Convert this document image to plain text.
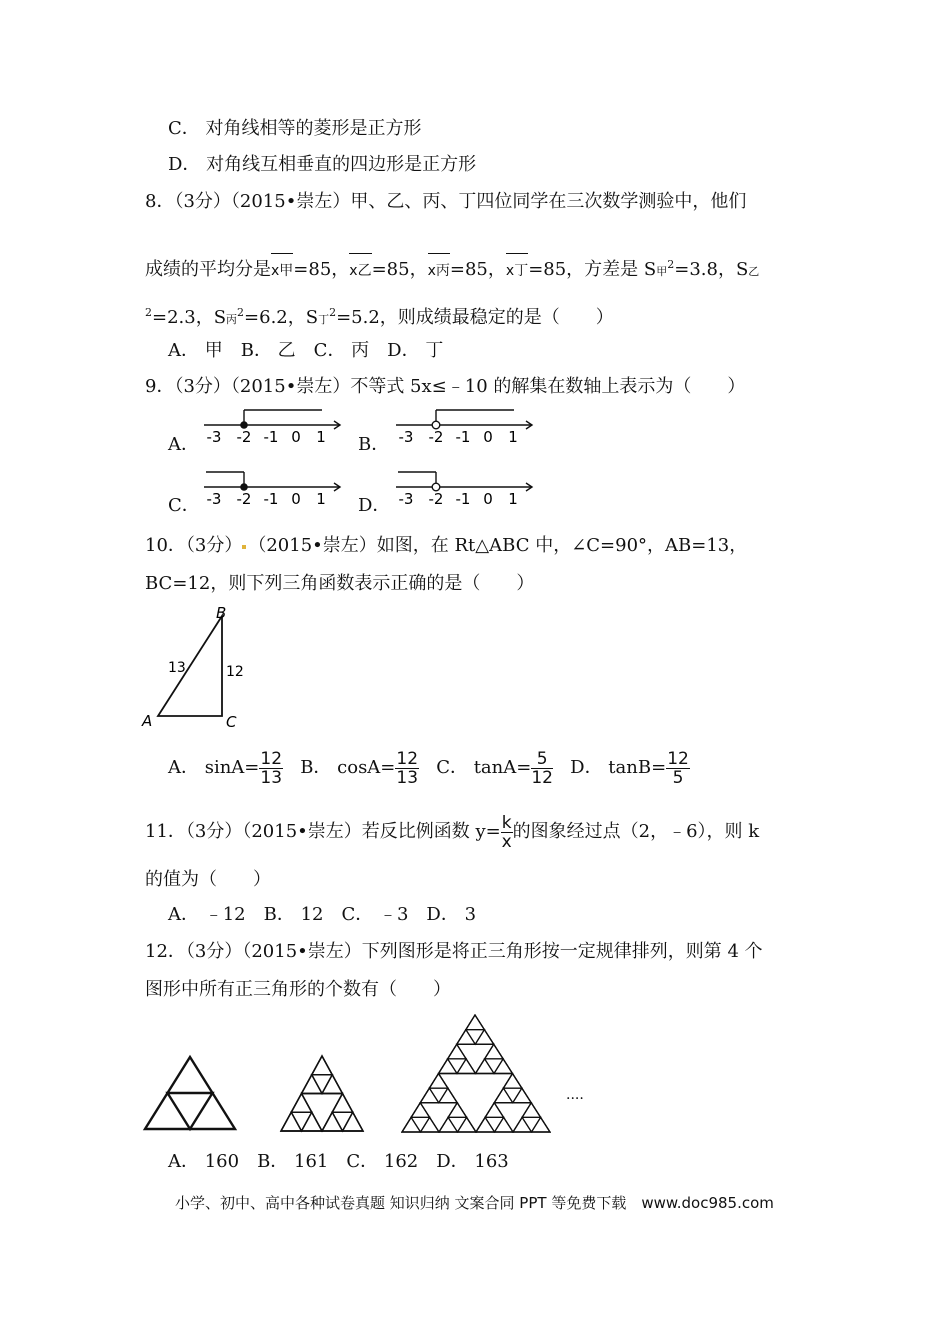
C． 对角线相等的菱形是正方形
D． 对角线互相垂直的四边形是正方形
8．（3分）（2015•崇左）甲、乙、丙、丁四位同学在三次数学测验中，他们
成绩的平均分是x甲=85，x乙=85，x丙=85，x丁=85，方差是 S甲$^2$=3.8，S乙
$^2$=2.3，S丙$^2$=6.2，S丁$^2$=5.2，则成绩最稳定的是（　　）
A． 甲　B． 乙　C． 丙　D． 丁
9．（3分）（2015•崇左）不等式 5x≤﹣10 的解集在数轴上表示为（　　）
A．	B．
C．	D．
-3 -2 -1 0 1	-3 -2 -1 0 1
-3 -2 -1 0 1	-3 -2 -1 0 1
10．（3分） （2015•崇左）如图，在 Rt△ABC 中，∠C=90°，AB=13，
BC=12，则下列三角函数表示正确的是（　　）
B
A	C
13	12
A． $\sin A= \frac{12}{13}$ B． $\cos A= \frac{12}{13}$ C． $\tan A= \frac{5}{12}$ D． $\tan B= \frac{12}{5}$
11．（3分）（2015•崇左）若反比例函数 $y= \frac{k}{x}$ 的图象经过点（2，﹣6），则 k
的值为（　　）
A． ﹣12　B． 12　C． ﹣3　D． 3
12．（3分）（2015•崇左）下列图形是将正三角形按一定规律排列，则第 4 个
图形中所有正三角形的个数有（　　）
....
A． 160　B． 161　C． 162　D． 163
小学、初中、高中各种试卷真题 知识归纳 文案合同 PPT 等免费下载　www.doc985.com
